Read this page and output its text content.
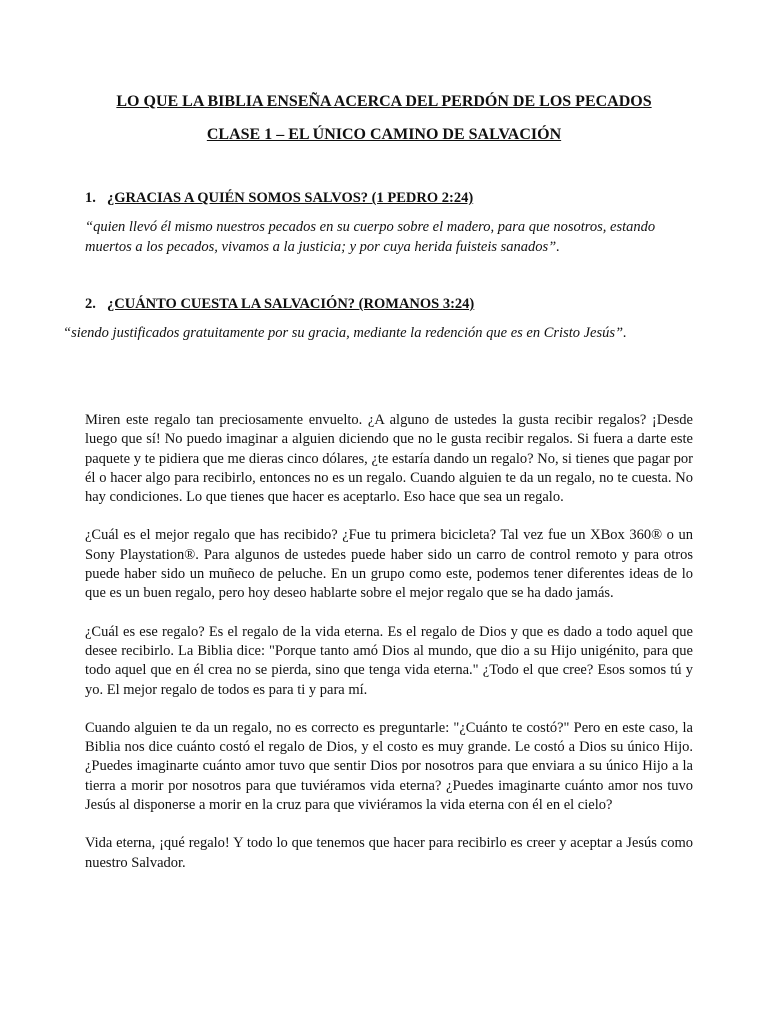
LO QUE LA BIBLIA ENSEÑA ACERCA DEL PERDÓN DE LOS PECADOS
CLASE 1 – EL ÚNICO CAMINO DE SALVACIÓN
1. ¿GRACIAS A QUIÉN SOMOS SALVOS? (1 PEDRO 2:24)
“quien llevó él mismo nuestros pecados en su cuerpo sobre el madero, para que nosotros, estando muertos a los pecados, vivamos a la justicia; y por cuya herida fuisteis sanados”.
2. ¿CUÁNTO CUESTA LA SALVACIÓN? (ROMANOS 3:24)
“siendo justificados gratuitamente por su gracia, mediante la redención que es en Cristo Jesús”.

Miren este regalo tan preciosamente envuelto. ¿A alguno de ustedes la gusta recibir regalos? ¡Desde luego que sí! No puedo imaginar a alguien diciendo que no le gusta recibir regalos. Si fuera a darte este paquete y te pidiera que me dieras cinco dólares, ¿te estaría dando un regalo? No, si tienes que pagar por él o hacer algo para recibirlo, entonces no es un regalo. Cuando alguien te da un regalo, no te cuesta. No hay condiciones. Lo que tienes que hacer es aceptarlo. Eso hace que sea un regalo.

¿Cuál es el mejor regalo que has recibido? ¿Fue tu primera bicicleta? Tal vez fue un XBox 360® o un Sony Playstation®. Para algunos de ustedes puede haber sido un carro de control remoto y para otros puede haber sido un muñeco de peluche. En un grupo como este, podemos tener diferentes ideas de lo que es un buen regalo, pero hoy deseo hablarte sobre el mejor regalo que se ha dado jamás.

¿Cuál es ese regalo? Es el regalo de la vida eterna. Es el regalo de Dios y que es dado a todo aquel que desee recibirlo. La Biblia dice: "Porque tanto amó Dios al mundo, que dio a su Hijo unigénito, para que todo aquel que en él crea no se pierda, sino que tenga vida eterna." ¿Todo el que cree? Esos somos tú y yo. El mejor regalo de todos es para ti y para mí.

Cuando alguien te da un regalo, no es correcto es preguntarle: "¿Cuánto te costó?" Pero en este caso, la Biblia nos dice cuánto costó el regalo de Dios, y el costo es muy grande. Le costó a Dios su único Hijo. ¿Puedes imaginarte cuánto amor tuvo que sentir Dios por nosotros para que enviara a su único Hijo a la tierra a morir por nosotros para que tuviéramos vida eterna? ¿Puedes imaginarte cuánto amor nos tuvo Jesús al disponerse a morir en la cruz para que viviéramos la vida eterna con él en el cielo?

Vida eterna, ¡qué regalo! Y todo lo que tenemos que hacer para recibirlo es creer y aceptar a Jesús como nuestro Salvador.
